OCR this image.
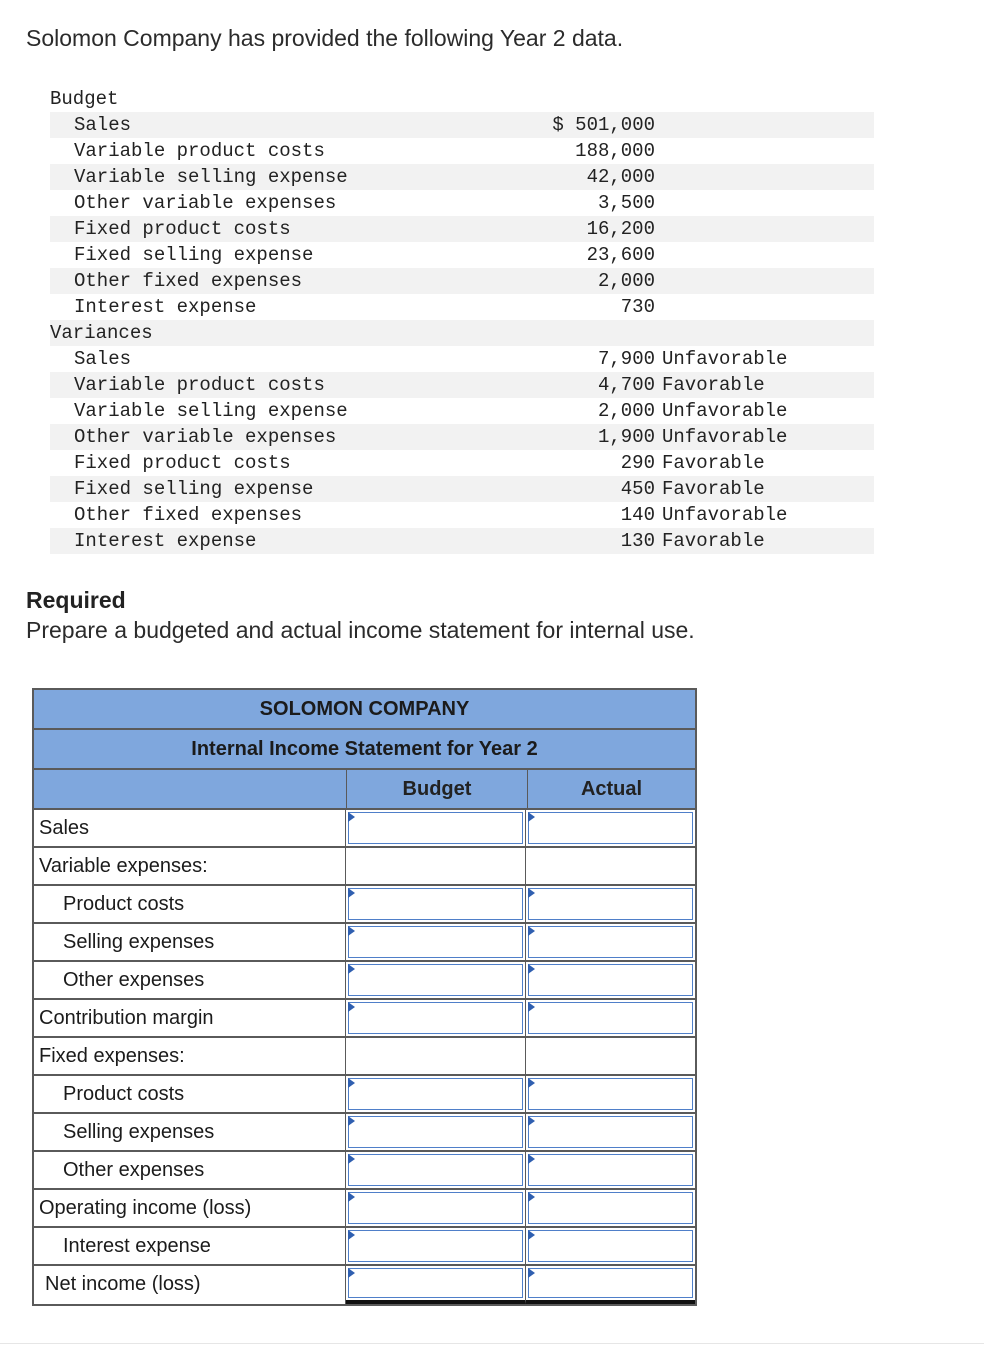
Solomon Company has provided the following Year 2 data.
Budget
Sales	$ 501,000
Variable product costs	188,000
Variable selling expense	42,000
Other variable expenses	3,500
Fixed product costs	16,200
Fixed selling expense	23,600
Other fixed expenses	2,000
Interest expense	730
Variances
Sales	7,900 Unfavorable
Variable product costs	4,700 Favorable
Variable selling expense	2,000 Unfavorable
Other variable expenses	1,900 Unfavorable
Fixed product costs	290 Favorable
Fixed selling expense	450 Favorable
Other fixed expenses	140 Unfavorable
Interest expense	130 Favorable
Required
Prepare a budgeted and actual income statement for internal use.
SOLOMON COMPANY
Internal Income Statement for Year 2
Budget	Actual
Sales
Variable expenses:
Product costs
Selling expenses
Other expenses
Contribution margin
Fixed expenses:
Product costs
Selling expenses
Other expenses
Operating income (loss)
Interest expense
Net income (loss)
